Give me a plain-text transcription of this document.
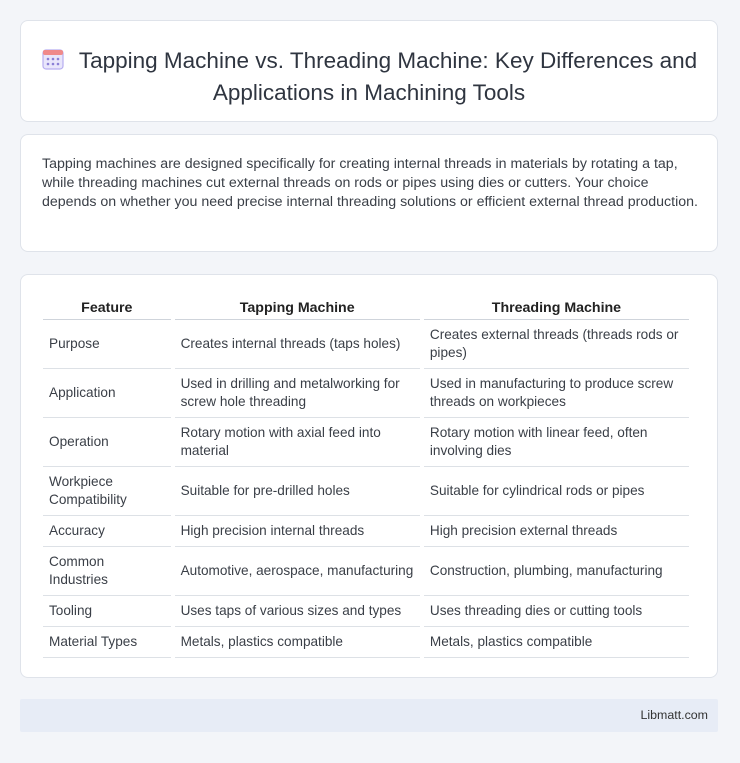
Tapping Machine vs. Threading Machine: Key Differences and Applications in Machining Tools

Tapping machines are designed specifically for creating internal threads in materials by rotating a tap, while threading machines cut external threads on rods or pipes using dies or cutters. Your choice depends on whether you need precise internal threading solutions or efficient external thread production.

Feature	Tapping Machine	Threading Machine
Purpose	Creates internal threads (taps holes)	Creates external threads (threads rods or pipes)
Application	Used in drilling and metalworking for screw hole threading	Used in manufacturing to produce screw threads on workpieces
Operation	Rotary motion with axial feed into material	Rotary motion with linear feed, often involving dies
Workpiece Compatibility	Suitable for pre-drilled holes	Suitable for cylindrical rods or pipes
Accuracy	High precision internal threads	High precision external threads
Common Industries	Automotive, aerospace, manufacturing	Construction, plumbing, manufacturing
Tooling	Uses taps of various sizes and types	Uses threading dies or cutting tools
Material Types	Metals, plastics compatible	Metals, plastics compatible
Libmatt.com
